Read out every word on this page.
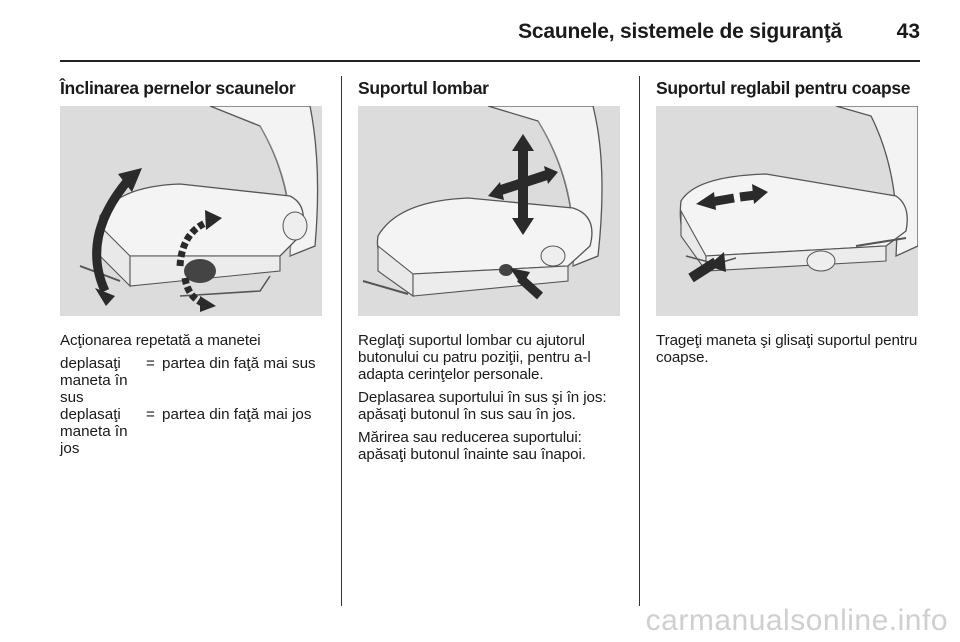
Scaunele, sistemele de siguranţă	43
Înclinarea pernelor scaunelor

Acţionarea repetată a manetei

deplasaţi maneta în sus
= partea din faţă mai sus
deplasaţi maneta în jos
= partea din faţă mai jos
Suportul lombar

Reglaţi suportul lombar cu ajutorul butonului cu patru poziţii, pentru a-l adapta cerinţelor personale.

Deplasarea suportului în sus şi în jos: apăsaţi butonul în sus sau în jos.

Mărirea sau reducerea suportului: apăsaţi butonul înainte sau înapoi.

Suportul reglabil pentru coapse

Trageţi maneta şi glisaţi suportul pentru coapse.

carmanualsonline.info
